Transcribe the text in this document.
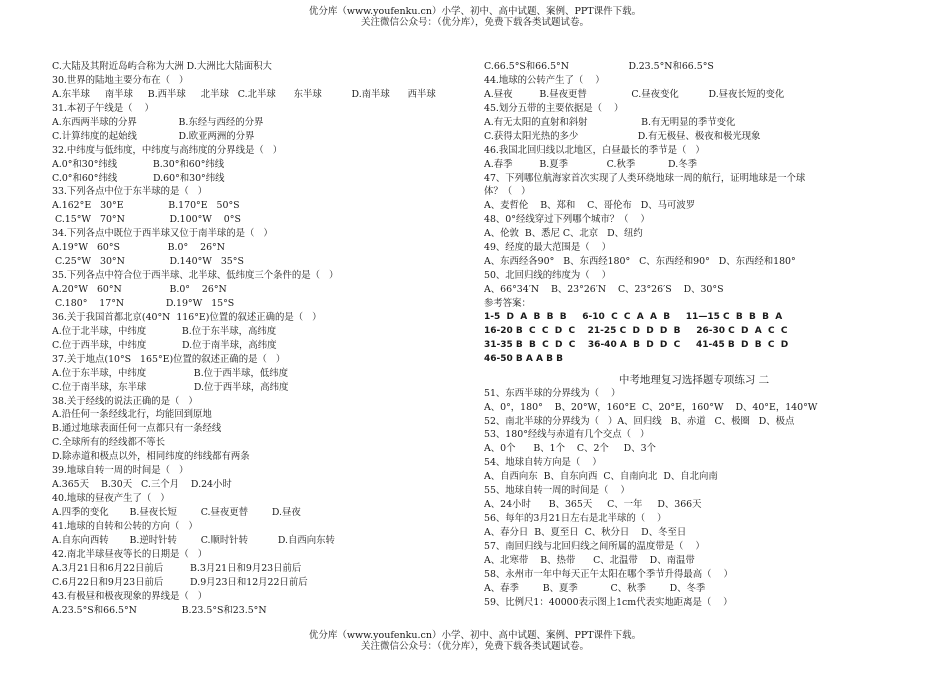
优分库（www.youfenku.cn）小学、初中、高中试题、案例、PPT课件下载。
关注微信公众号：（优分库），免费下载各类试题试卷。
C.大陆及其附近岛屿合称为大洲 D.大洲比大陆面积大
30.世界的陆地主要分布在（   ）
A.东半球     南半球     B.西半球     北半球   C.北半球      东半球          D.南半球      西半球
31.本初子午线是（    ）
A.东西两半球的分界              B.东经与西经的分界
C.计算纬度的起始线              D.欧亚两洲的分界
32.中纬度与低纬度，中纬度与高纬度的分界线是（   ）
A.0°和30°纬线            B.30°和60°纬线
C.0°和60°纬线            D.60°和30°纬线
33.下列各点中位于东半球的是（   ）
A.162°E   30°E               B.170°E   50°S
C.15°W   70°N               D.100°W    0°S
34.下列各点中既位于西半球又位于南半球的是（   ）
A.19°W   60°S                B.0°    26°N
C.25°W   30°N               D.140°W   35°S
35.下列各点中符合位于西半球、北半球、低纬度三个条件的是（   ）
A.20°W   60°N                B.0°    26°N
C.180°    17°N              D.19°W   15°S
36.关于我国首都北京(40°N  116°E)位置的叙述正确的是（   ）
A.位于北半球，中纬度            B.位于东半球，高纬度
C.位于西半球，中纬度            D.位于南半球，高纬度
37.关于地点(10°S   165°E)位置的叙述正确的是（   ）
A.位于东半球，中纬度                B.位于西半球，低纬度
C.位于南半球，东半球                D.位于西半球，高纬度
38.关于经线的说法正确的是（   ）
A.沿任何一条经线北行，均能回到原地
B.通过地球表面任何一点都只有一条经线
C.全球所有的经线都不等长
D.除赤道和极点以外，相同纬度的纬线都有两条
39.地球自转一周的时间是（   ）
A.365天    B.30天   C.三个月    D.24小时
40.地球的昼夜产生了（   ）
A.四季的变化       B.昼夜长短        C.昼夜更替        D.昼夜
41.地球的自转和公转的方向（   ）
A.自东向西转       B.逆时针转        C.顺时针转          D.自西向东转
42.南北半球昼夜等长的日期是（   ）
A.3月21日和6月22日前后         B.3月21日和9月23日前后
C.6月22日和9月23日前后         D.9月23日和12月22日前后
43.有极昼和极夜现象的界线是（   ）
A.23.5°S和66.5°N               B.23.5°S和23.5°N
C.66.5°S和66.5°N                    D.23.5°N和66.5°S
44.地球的公转产生了（    ）
A.昼夜         B.昼夜更替               C.昼夜变化          D.昼夜长短的变化
45.划分五带的主要依据是（    ）
A.有无太阳的直射和斜射                  B.有无明显的季节变化
C.获得太阳光热的多少                    D.有无极昼、极夜和极光现象
46.我国北回归线以北地区，白昼最长的季节是（   ）
A.春季         B.夏季             C.秋季           D.冬季
47、下列哪位航海家首次实现了人类环绕地球一周的航行，证明地球是一个球
体？（   ）
A、麦哲伦    B、郑和    C、哥伦布   D、马可波罗
48、0°经线穿过下列哪个城市？（    ）
A、伦敦  B、悉尼 C、北京   D、纽约
49、经度的最大范围是（    ）
A、东西经各90°   B、东西经180°   C、东西经和90°   D、东西经和180°
50、北回归线的纬度为（    ）
A、66°34′N    B、23°26′N    C、23°26′S    D、30°S
参考答案：
1-5  D  A  B  B  B     6-10  C  C  A  A  B     11—15 C  B  B  B  A
16-20 B  C  C  D  C    21-25 C  D  D  D  B     26-30 C  D  A  C  C
31-35 B  B  C  D  C    36-40 A  B  D  D  C     41-45 B  D  B  C  D
46-50 B A A B B
中考地理复习选择题专项练习 二
51、东西半球的分界线为（    ）
A、0°，180°    B、20°W，160°E  C、20°E，160°W    D、40°E，140°W
52、南北半球的分界线为（   ）A、回归线   B、赤道   C、极圈   D、极点
53、180°经线与赤道有几个交点（   ）
A、0个      B、1个    C、2个     D、3个
54、地球自转方向是（    ）
A、自西向东  B、自东向西  C、自南向北  D、自北向南
55、地球自转一周的时间是（    ）
A、24小时      B、365天     C、一年     D、366天
56、每年的3月21日左右是北半球的（    ）
A、春分日  B、夏至日  C、秋分日    D、冬至日
57、南回归线与北回归线之间所属的温度带是（    ）
A、北寒带    B、热带      C、北温带    D、南温带
58、永州市一年中每天正午太阳在哪个季节升得最高（    ）
A、春季        B、夏季           C、秋季        D、冬季
59、比例尺1：40000表示图上1cm代表实地距离是（    ）
优分库（www.youfenku.cn）小学、初中、高中试题、案例、PPT课件下载。
关注微信公众号：（优分库），免费下载各类试题试卷。
